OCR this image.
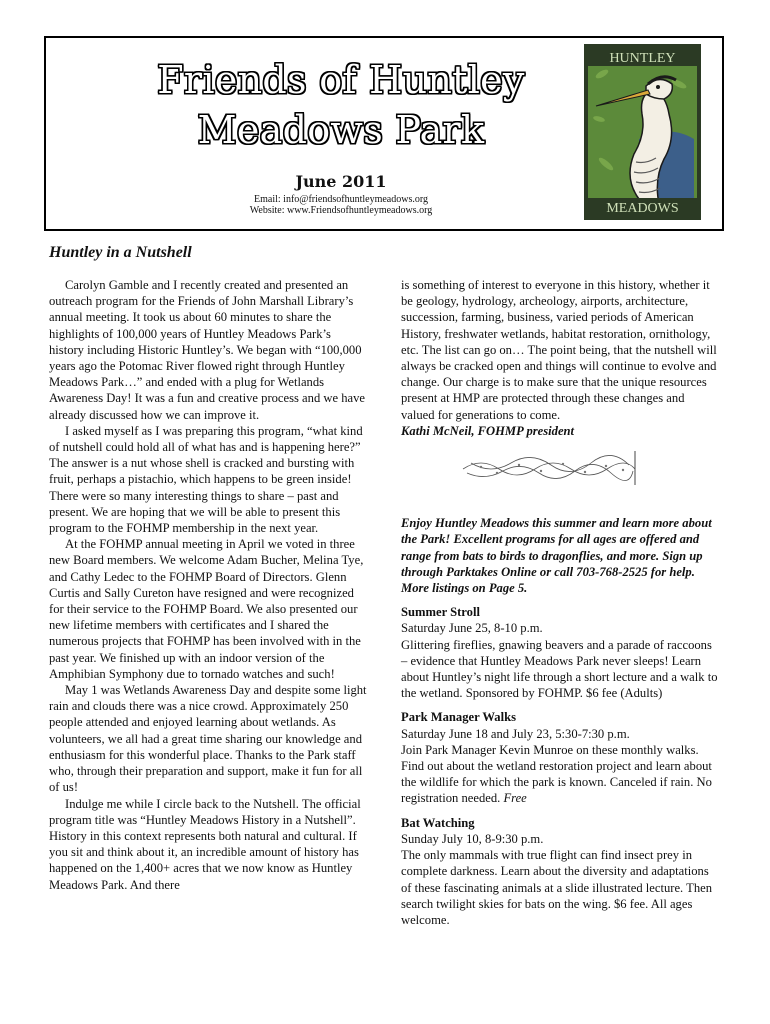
Friends of Huntley
Meadows Park
June 2011
Email: info@friendsofhuntleymeadows.org
Website: www.Friendsofhuntleymeadows.org
HUNTLEY
MEADOWS
Huntley in a Nutshell

Carolyn Gamble and I recently created and presented an outreach program for the Friends of John Marshall Library’s annual meeting. It took us about 60 minutes to share the highlights of 100,000 years of Huntley Meadows Park’s history including Historic Huntley’s. We began with “100,000 years ago the Potomac River flowed right through Huntley Meadows Park…” and ended with a plug for Wetlands Awareness Day! It was a fun and creative process and we have already discussed how we can improve it.

I asked myself as I was preparing this program, “what kind of nutshell could hold all of what has and is happening here?” The answer is a nut whose shell is cracked and bursting with fruit, perhaps a pistachio, which happens to be green inside! There were so many interesting things to share – past and present. We are hoping that we will be able to present this program to the FOHMP membership in the next year.

At the FOHMP annual meeting in April we voted in three new Board members. We welcome Adam Bucher, Melina Tye, and Cathy Ledec to the FOHMP Board of Directors. Glenn Curtis and Sally Cureton have resigned and were recognized for their service to the FOHMP Board. We also presented our new lifetime members with certificates and I shared the numerous projects that FOHMP has been involved with in the past year. We finished up with an indoor version of the Amphibian Symphony due to tornado watches and such!

May 1 was Wetlands Awareness Day and despite some light rain and clouds there was a nice crowd. Approximately 250 people attended and enjoyed learning about wetlands. As volunteers, we all had a great time sharing our knowledge and enthusiasm for this wonderful place. Thanks to the Park staff who, through their preparation and support, make it fun for all of us!

Indulge me while I circle back to the Nutshell. The official program title was “Huntley Meadows History in a Nutshell”. History in this context represents both natural and cultural. If you sit and think about it, an incredible amount of history has happened on the 1,400+ acres that we now know as Huntley Meadows Park. And there

is something of interest to everyone in this history, whether it be geology, hydrology, archeology, airports, architecture, succession, farming, business, varied periods of American History, freshwater wetlands, habitat restoration, ornithology, etc. The list can go on… The point being, that the nutshell will always be cracked open and things will continue to evolve and change. Our charge is to make sure that the unique resources present at HMP are protected through these changes and valued for generations to come.

Kathi McNeil, FOHMP president

Enjoy Huntley Meadows this summer and learn more about the Park! Excellent programs for all ages are offered and range from bats to birds to dragonflies, and more. Sign up through Parktakes Online or call 703-768-2525 for help. More listings on Page 5.

Summer Stroll

Saturday June 25, 8-10 p.m.

Glittering fireflies, gnawing beavers and a parade of raccoons – evidence that Huntley Meadows Park never sleeps! Learn about Huntley’s night life through a short lecture and a walk to the wetland. Sponsored by FOHMP. $6 fee (Adults)

Park Manager Walks

Saturday June 18 and July 23, 5:30-7:30 p.m.

Join Park Manager Kevin Munroe on these monthly walks. Find out about the wetland restoration project and learn about the wildlife for which the park is known. Canceled if rain. No registration needed. Free

Bat Watching

Sunday July 10, 8-9:30 p.m.

The only mammals with true flight can find insect prey in complete darkness. Learn about the diversity and adaptations of these fascinating animals at a slide illustrated lecture. Then search twilight skies for bats on the wing. $6 fee. All ages welcome.
